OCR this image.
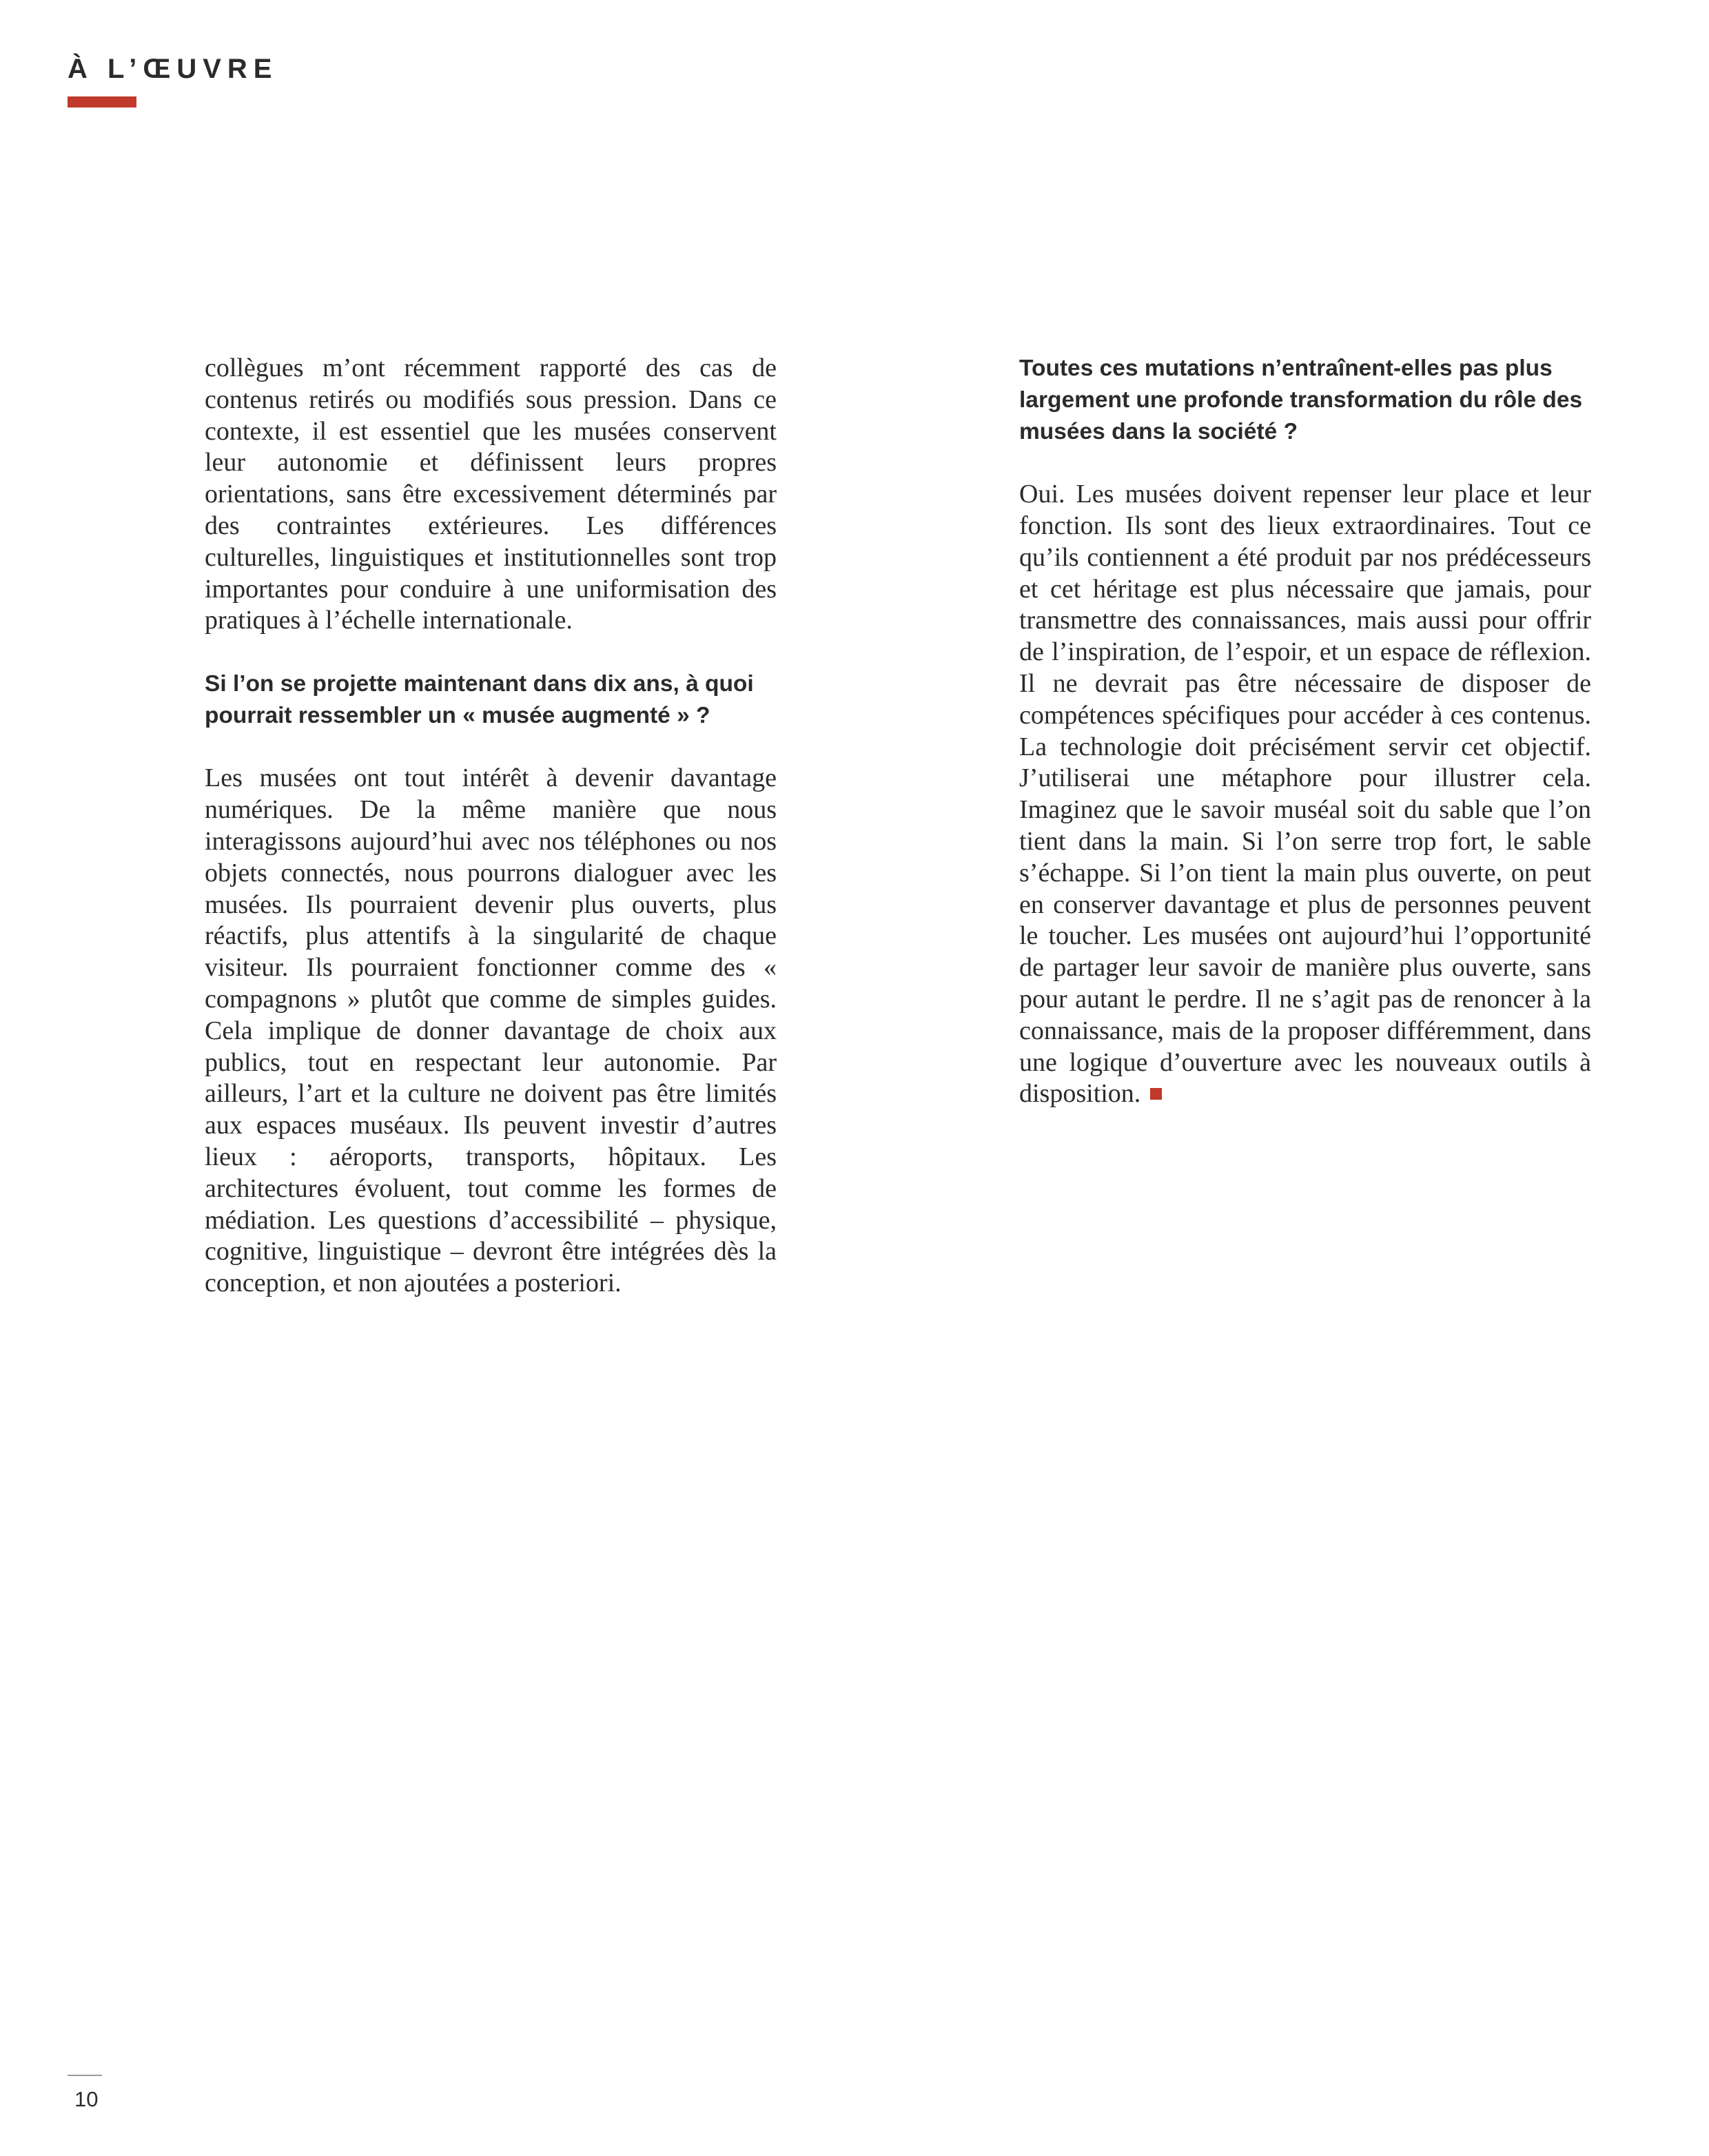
À L’ŒUVRE

collègues m’ont récemment rapporté des cas de contenus retirés ou modifiés sous pression. Dans ce contexte, il est essentiel que les musées conservent leur autonomie et définissent leurs propres orientations, sans être excessivement déterminés par des contraintes extérieures. Les différences culturelles, linguistiques et institutionnelles sont trop importantes pour conduire à une uniformisation des pratiques à l’échelle internationale.

Si l’on se projette maintenant dans dix ans, à quoi pourrait ressembler un « musée augmenté » ?

Les musées ont tout intérêt à devenir davantage numériques. De la même manière que nous interagissons aujourd’hui avec nos téléphones ou nos objets connectés, nous pourrons dialoguer avec les musées. Ils pourraient devenir plus ouverts, plus réactifs, plus attentifs à la singularité de chaque visiteur. Ils pourraient fonctionner comme des « compagnons » plutôt que comme de simples guides. Cela implique de donner davantage de choix aux publics, tout en respectant leur autonomie. Par ailleurs, l’art et la culture ne doivent pas être limités aux espaces muséaux. Ils peuvent investir d’autres lieux : aéroports, transports, hôpitaux. Les architectures évoluent, tout comme les formes de médiation. Les questions d’accessibilité – physique, cognitive, linguistique – devront être intégrées dès la conception, et non ajoutées a posteriori.

Toutes ces mutations n’entraînent-elles pas plus largement une profonde transformation du rôle des musées dans la société ?

Oui. Les musées doivent repenser leur place et leur fonction. Ils sont des lieux extraordinaires. Tout ce qu’ils contiennent a été produit par nos prédécesseurs et cet héritage est plus nécessaire que jamais, pour transmettre des connaissances, mais aussi pour offrir de l’inspiration, de l’espoir, et un espace de réflexion. Il ne devrait pas être nécessaire de disposer de compétences spécifiques pour accéder à ces contenus. La technologie doit précisément servir cet objectif. J’utiliserai une métaphore pour illustrer cela. Imaginez que le savoir muséal soit du sable que l’on tient dans la main. Si l’on serre trop fort, le sable s’échappe. Si l’on tient la main plus ouverte, on peut en conserver davantage et plus de personnes peuvent le toucher. Les musées ont aujourd’hui l’opportunité de partager leur savoir de manière plus ouverte, sans pour autant le perdre. Il ne s’agit pas de renoncer à la connaissance, mais de la proposer différemment, dans une logique d’ouverture avec les nouveaux outils à disposition.

10
